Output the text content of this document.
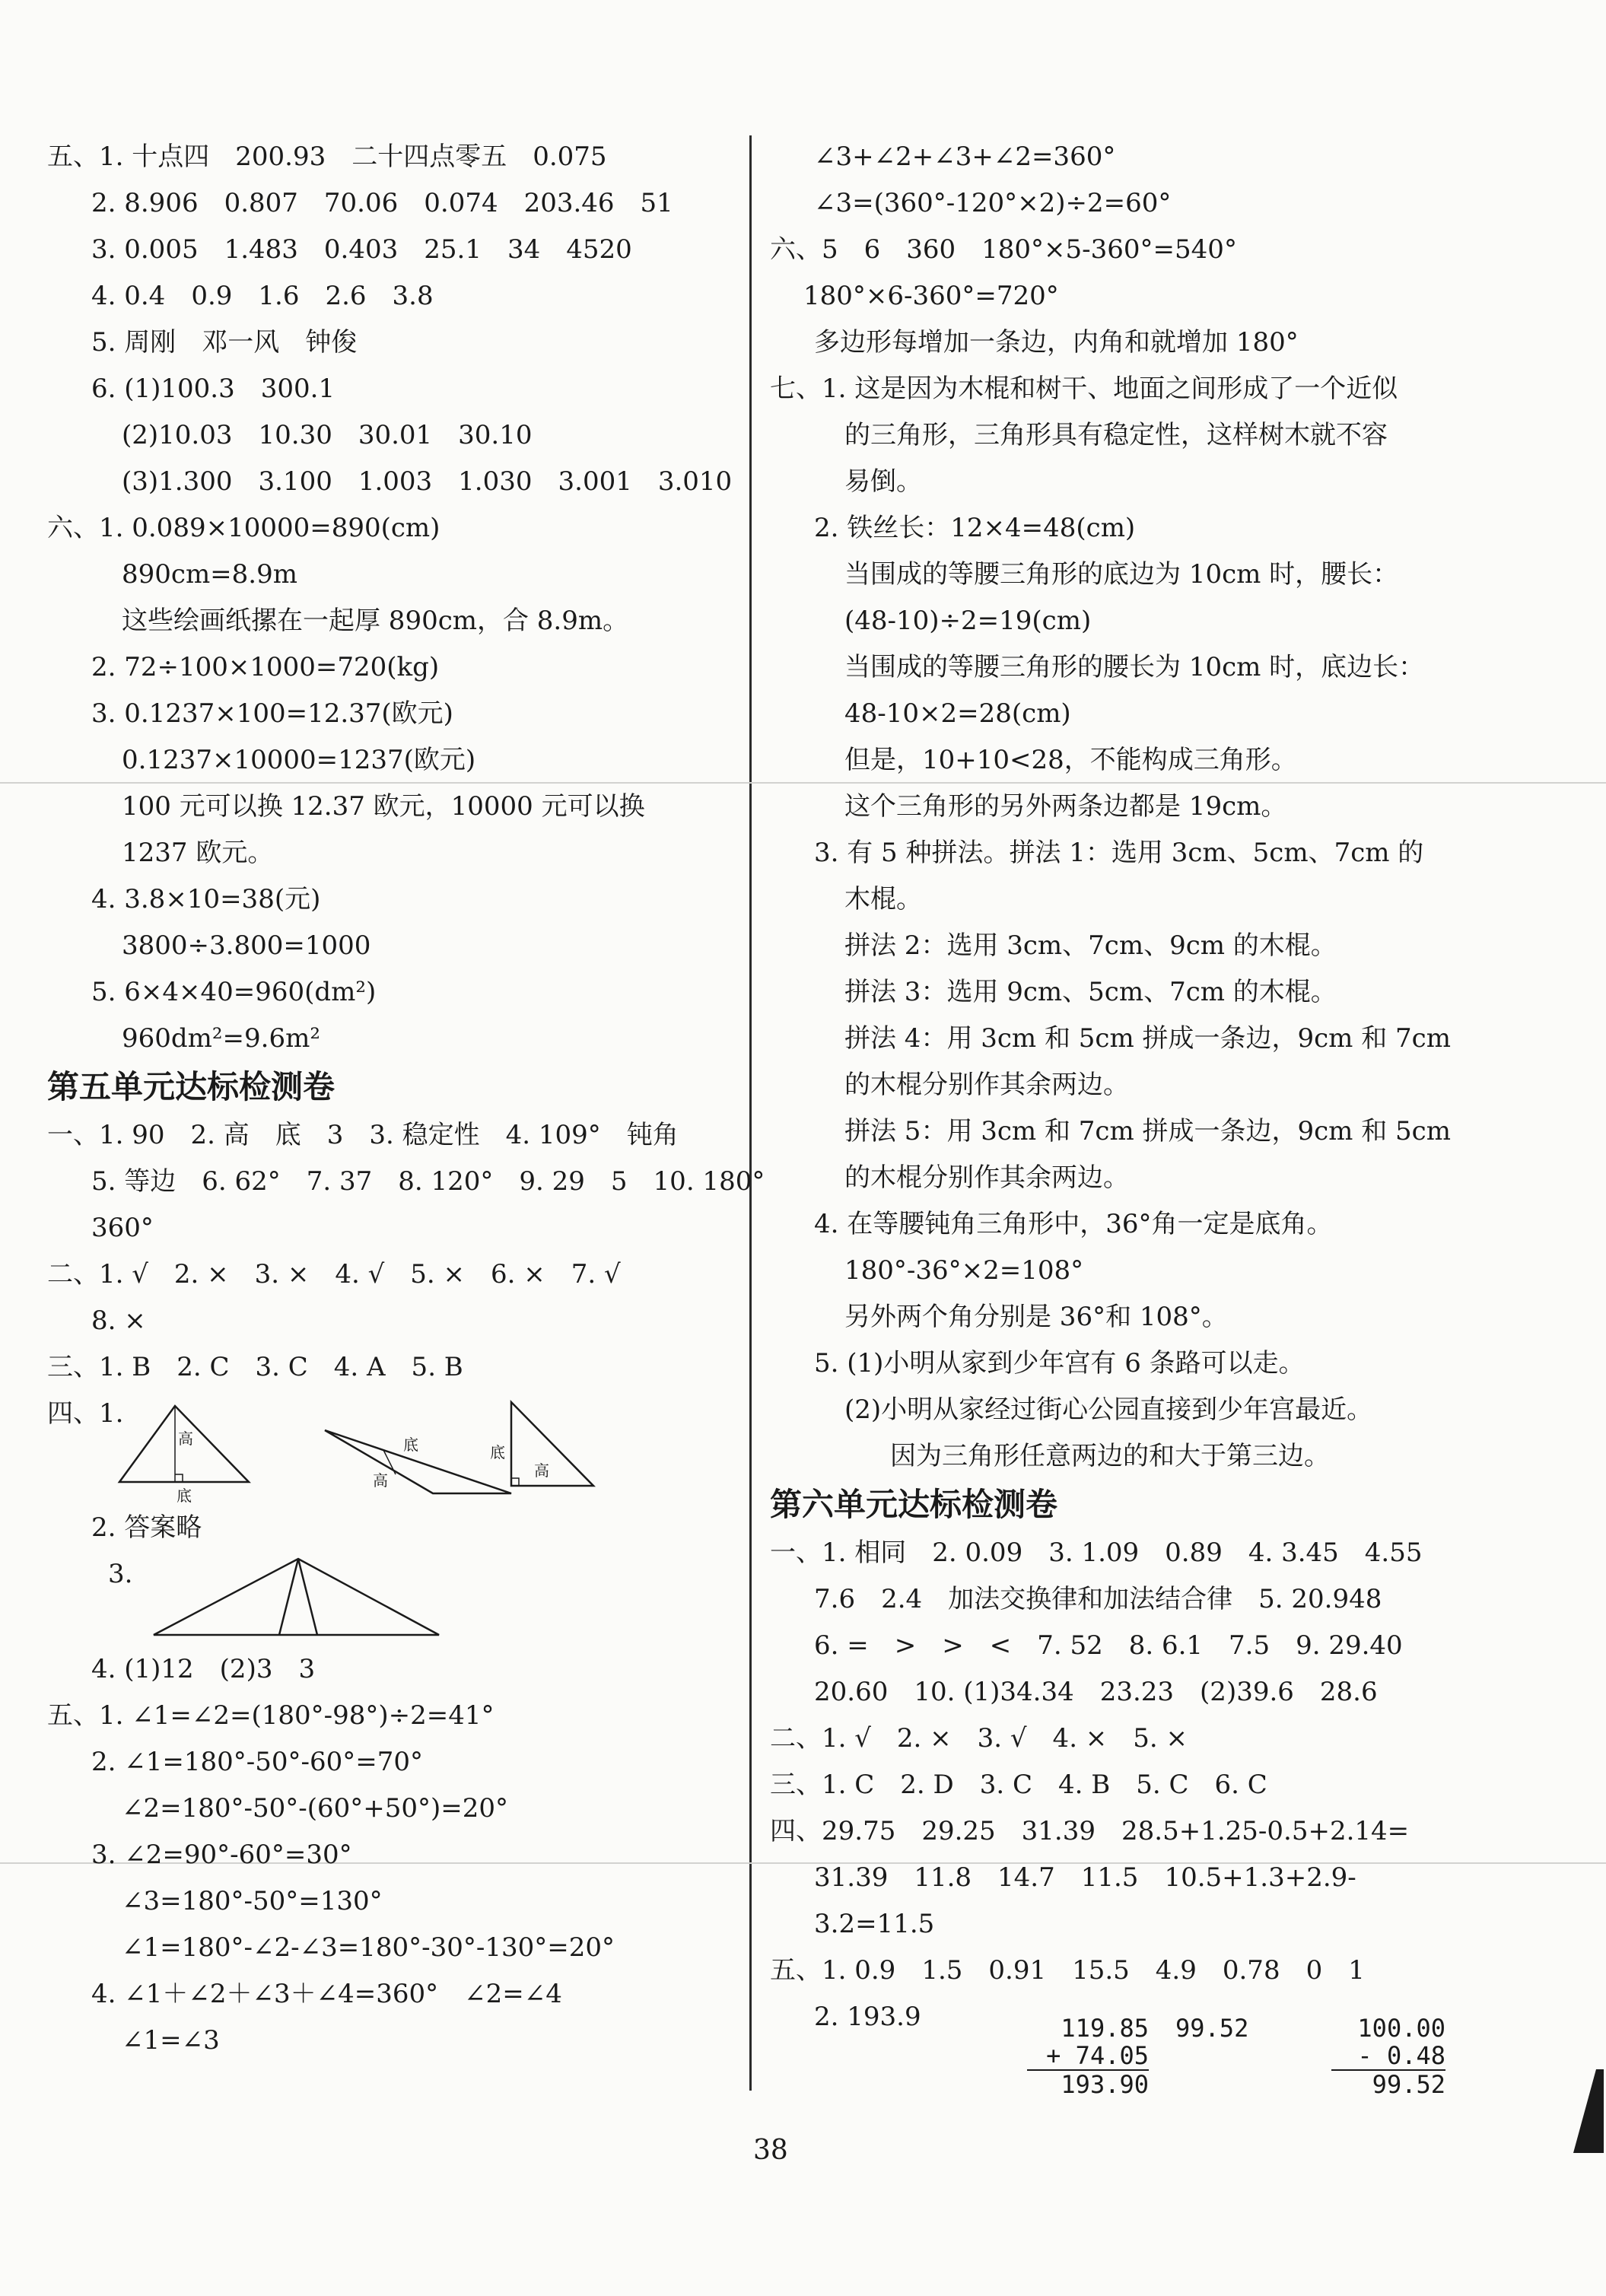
五、1. 十点四　200.93　二十四点零五　0.075
2. 8.906　0.807　70.06　0.074　203.46　51
3. 0.005　1.483　0.403　25.1　34　4520
4. 0.4　0.9　1.6　2.6　3.8
5. 周刚　邓一风　钟俊
6. (1)100.3　300.1
(2)10.03　10.30　30.01　30.10
(3)1.300　3.100　1.003　1.030　3.001　3.010
六、1. 0.089×10000=890(cm)
890cm=8.9m
这些绘画纸摞在一起厚 890cm，合 8.9m。
2. 72÷100×1000=720(kg)
3. 0.1237×100=12.37(欧元)
0.1237×10000=1237(欧元)
100 元可以换 12.37 欧元，10000 元可以换
1237 欧元。
4. 3.8×10=38(元)
3800÷3.800=1000
5. 6×4×40=960(dm²)
960dm²=9.6m²
第五单元达标检测卷
一、1. 90　2. 高　底　3　3. 稳定性　4. 109°　钝角
5. 等边　6. 62°　7. 37　8. 120°　9. 29　5　10. 180°
360°
二、1. √　2. ×　3. ×　4. √　5. ×　6. ×　7. √
8. ×
三、1. B　2. C　3. C　4. A　5. B
四、1.
高
底
底
高
底
高
2. 答案略
3.
4. (1)12　(2)3　3
五、1. ∠1=∠2=(180°-98°)÷2=41°
2. ∠1=180°-50°-60°=70°
∠2=180°-50°-(60°+50°)=20°
3. ∠2=90°-60°=30°
∠3=180°-50°=130°
∠1=180°-∠2-∠3=180°-30°-130°=20°
4. ∠1＋∠2＋∠3＋∠4=360°　∠2=∠4
∠1=∠3
∠3+∠2+∠3+∠2=360°
∠3=(360°-120°×2)÷2=60°
六、5　6　360　180°×5-360°=540°
180°×6-360°=720°
多边形每增加一条边，内角和就增加 180°
七、1. 这是因为木棍和树干、地面之间形成了一个近似
的三角形，三角形具有稳定性，这样树木就不容
易倒。
2. 铁丝长：12×4=48(cm)
当围成的等腰三角形的底边为 10cm 时，腰长：
(48-10)÷2=19(cm)
当围成的等腰三角形的腰长为 10cm 时，底边长：
48-10×2=28(cm)
但是，10+10<28，不能构成三角形。
这个三角形的另外两条边都是 19cm。
3. 有 5 种拼法。拼法 1：选用 3cm、5cm、7cm 的
木棍。
拼法 2：选用 3cm、7cm、9cm 的木棍。
拼法 3：选用 9cm、5cm、7cm 的木棍。
拼法 4：用 3cm 和 5cm 拼成一条边，9cm 和 7cm
的木棍分别作其余两边。
拼法 5：用 3cm 和 7cm 拼成一条边，9cm 和 5cm
的木棍分别作其余两边。
4. 在等腰钝角三角形中，36°角一定是底角。
180°-36°×2=108°
另外两个角分别是 36°和 108°。
5. (1)小明从家到少年宫有 6 条路可以走。
(2)小明从家经过街心公园直接到少年宫最近。
因为三角形任意两边的和大于第三边。
第六单元达标检测卷
一、1. 相同　2. 0.09　3. 1.09　0.89　4. 3.45　4.55
7.6　2.4　加法交换律和加法结合律　5. 20.948
6. =　>　>　<　7. 52　8. 6.1　7.5　9. 29.40
20.60　10. (1)34.34　23.23　(2)39.6　28.6
二、1. √　2. ×　3. √　4. ×　5. ×
三、1. C　2. D　3. C　4. B　5. C　6. C
四、29.75　29.25　31.39　28.5+1.25-0.5+2.14=
31.39　11.8　14.7　11.5　10.5+1.3+2.9-
3.2=11.5
五、1. 0.9　1.5　0.91　15.5　4.9　0.78　0　1
2. 193.9	119.85
+ 74.05
193.90
99.52	100.00
- 0.48
99.52
38
